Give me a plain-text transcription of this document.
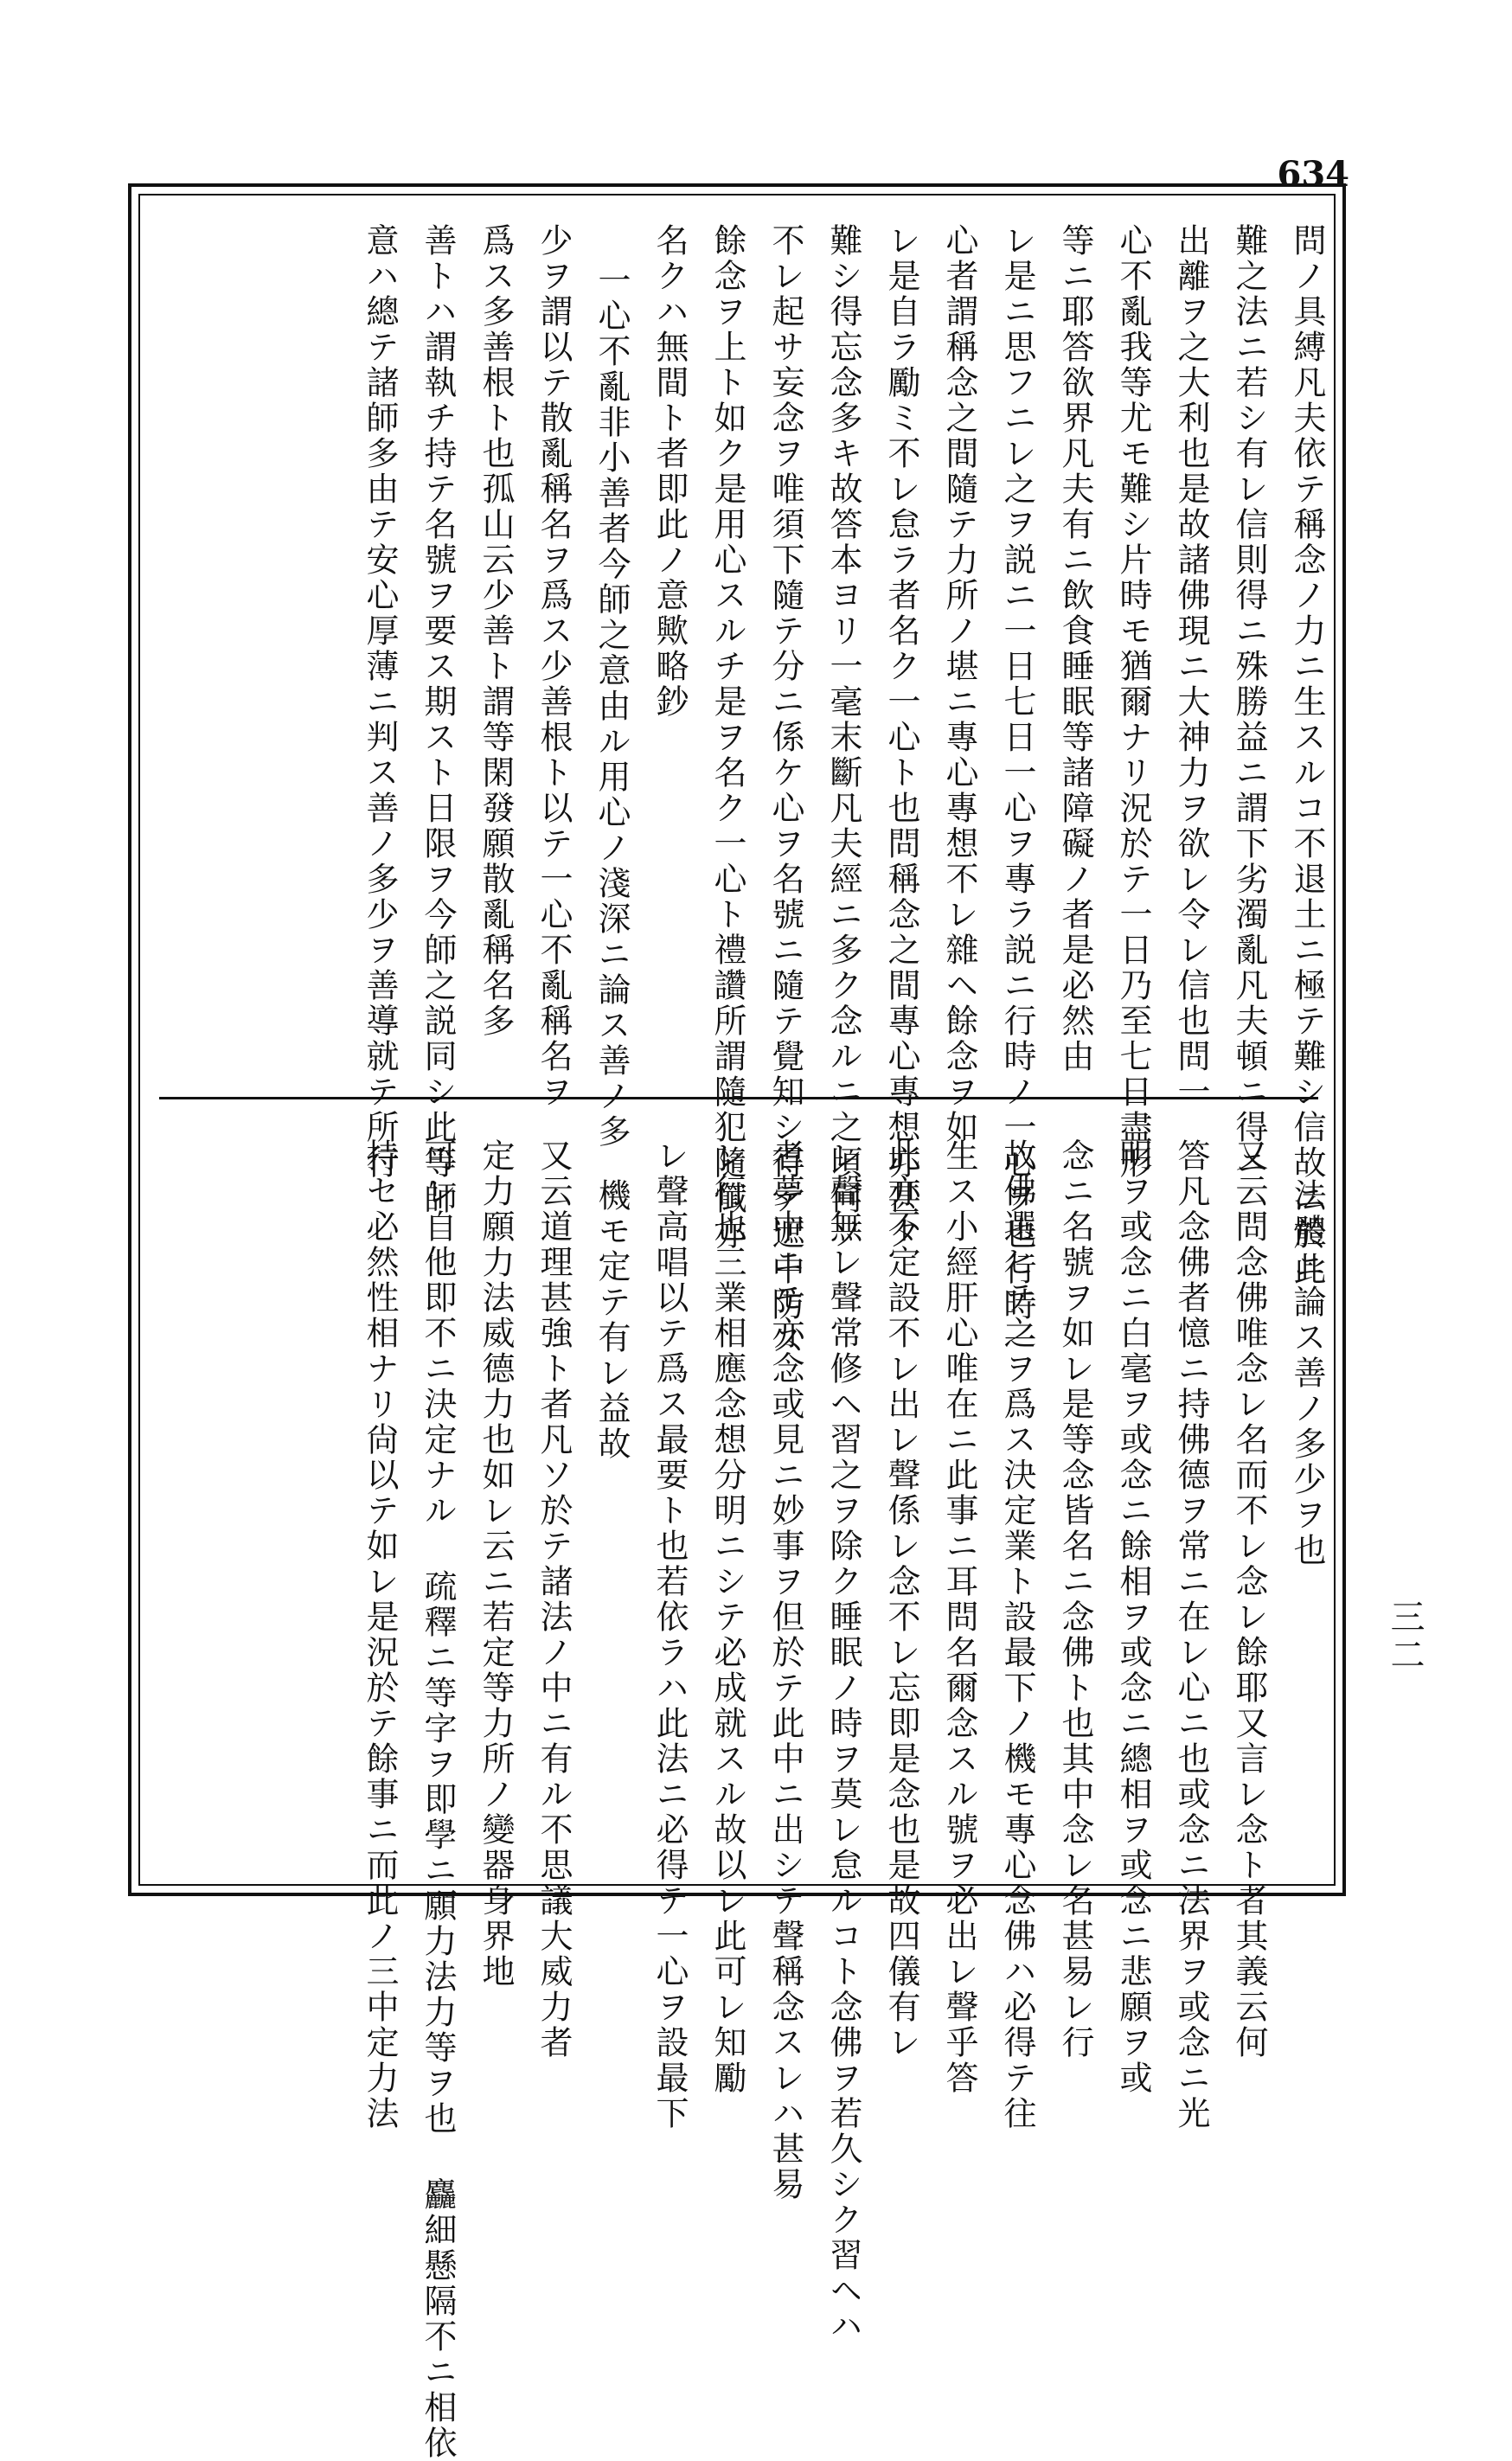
634
問ノ具縛凡夫依テ稱念ノ力ニ生スルコ不退土ニ極テ難シ信故ニ於此
難之法ニ若シ有レ信則得ニ殊勝益ニ謂下劣濁亂凡夫頓ニ得ニ
出離ヲ之大利也是故諸佛現ニ大神力ヲ欲レ令レ信也問一
心不亂我等尤モ難シ片時モ猶爾ナリ況於テ一日乃至七日盡形
等ニ耶答欲界凡夫有ニ飲食睡眠等諸障礙ノ者是必然由
レ是ニ思フニレ之ヲ説ニ一日七日一心ヲ專ラ説ニ行時ノ一心ヲ也行時一
心者謂稱念之間隨テ力所ノ堪ニ專心專想不レ雜ヘ餘念ヲ如
レ是自ラ勵ミ不レ怠ラ者名ク一心ト也問稱念之間專心專想亦甚タ
難シ得忘念多キ故答本ヨリ一毫末斷凡夫經ニ多ク念ルニ之頃何ソ
不レ起サ妄念ヲ唯須下隨テ分ニ係ケ心ヲ名號ニ隨テ覺知シ得テ遮中防ス
餘念ヲ上ト如ク是用心スルチ是ヲ名ク一心ト禮讚所謂隨犯隨懺亦
名クハ無間ト者即此ノ意歟略鈔
一心不亂非小善者今師之意由ル用心ノ淺深ニ論ス善ノ多
少ヲ謂以テ散亂稱名ヲ爲ス少善根ト以テ一心不亂稱名ヲ
爲ス多善根ト也孤山云少善ト謂等閑發願散亂稱名多
善トハ謂執チ持テ名號ヲ要ス期スト日限ヲ今師之説同シ此等師
意ハ總テ諸師多由テ安心厚薄ニ判ス善ノ多少ヲ善導就テ所行
法體ニ論ス善ノ多少ヲ也
又云問念佛唯念レ名而不レ念レ餘耶又言レ念ト者其義云何
答凡念佛者憶ニ持佛德ヲ常ニ在レ心ニ也或念ニ法界ヲ或念ニ光
明ヲ或念ニ白毫ヲ或念ニ餘相ヲ或念ニ總相ヲ或念ニ悲願ヲ或
念ニ名號ヲ如レ是等念皆名ニ念佛ト也其中念レ名甚易レ行
故佛選ヒテ之ヲ爲ス決定業ト設最下ノ機モ專心念佛ハ必得テ往
生ス小經肝心唯在ニ此事ニ耳問名爾念スル號ヲ必出レ聲乎答
此亦不定設不レ出レ聲係レ念不レ忘即是念也是故四儀有レ
レ聲無レ聲常修ヘ習之ヲ除ク睡眠ノ時ヲ莫レ怠ルコト念佛ヲ若久シク習ヘハ
者夢中ニモ亦念或見ニ妙事ヲ但於テ此中ニ出シテ聲稱念スレハ甚易
レ行也三業相應念想分明ニシテ必成就スル故以レ此可レ知勵
レ聲高唱以テ爲ス最要ト也若依ラハ此法ニ必得テ一心ヲ設最下
機モ定テ有レ益故
又云道理甚強ト者凡ソ於テ諸法ノ中ニ有ル不思議大威力者
定力願力法威德力也如レ云ニ若定等力所ノ變器身界地
可レ自他即不ニ決定ナル 疏釋ニ等字ヲ即學ニ願力法力等ヲ也 麤細懸隔不ニ相依
持セ必然性相ナリ尙以テ如レ是況於テ餘事ニ而此ノ三中定力法	三二
